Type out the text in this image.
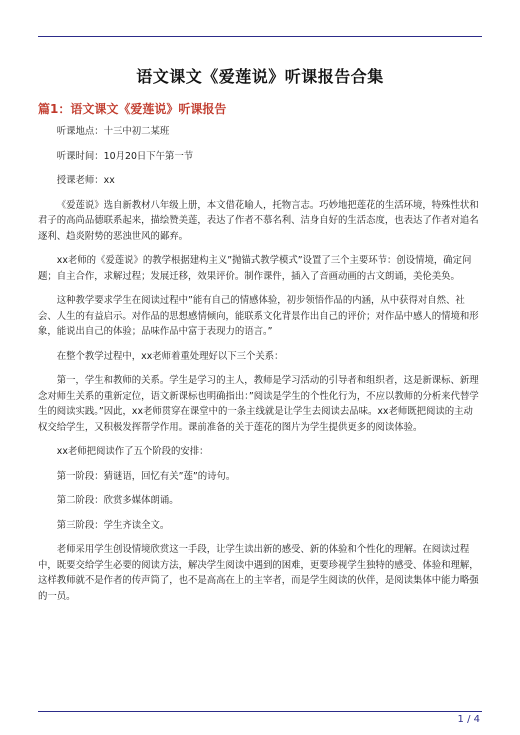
语文课文《爱莲说》听课报告合集
篇1：语文课文《爱莲说》听课报告

听课地点：十三中初二某班

听课时间：10月20日下午第一节

授课老师：xx

《爱莲说》选自新教材八年级上册，本文借花喻人，托物言志。巧妙地把莲花的生活环境，特殊性状和君子的高尚品德联系起来，描绘赞美莲，表达了作者不慕名利、洁身自好的生活态度，也表达了作者对追名逐利、趋炎附势的恶浊世风的鄙弃。

xx老师的《爱莲说》的教学根据建构主义”抛锚式教学模式”设置了三个主要环节：创设情境，确定问题；自主合作，求解过程；发展迁移，效果评价。制作课件，插入了音画动画的古文朗诵，美伦美奂。

这种教学要求学生在阅读过程中”能有自己的情感体验，初步领悟作品的内涵，从中获得对自然、社会、人生的有益启示。对作品的思想感情倾向，能联系文化背景作出自己的评价；对作品中感人的情境和形象，能说出自己的体验；品味作品中富于表现力的语言。”

在整个教学过程中，xx老师着重处理好以下三个关系：

第一，学生和教师的关系。学生是学习的主人，教师是学习活动的引导者和组织者，这是新课标、新理念对师生关系的重新定位，语文新课标也明确指出：”阅读是学生的个性化行为，不应以教师的分析来代替学生的阅读实践。”因此，xx老师贯穿在课堂中的一条主线就是让学生去阅读去品味。xx老师既把阅读的主动权交给学生，又积极发挥帮学作用。课前准备的关于莲花的图片为学生提供更多的阅读体验。

xx老师把阅读作了五个阶段的安排：

第一阶段：猜谜语，回忆有关”莲”的诗句。

第二阶段：欣赏多媒体朗诵。

第三阶段：学生齐读全文。

老师采用学生创设情境欣赏这一手段，让学生读出新的感受、新的体验和个性化的理解。在阅读过程中，既要交给学生必要的阅读方法，解决学生阅读中遇到的困难，更要珍视学生独特的感受、体验和理解，这样教师就不是作者的传声筒了，也不是高高在上的主宰者，而是学生阅读的伙伴，是阅读集体中能力略强的一员。

1 / 4
